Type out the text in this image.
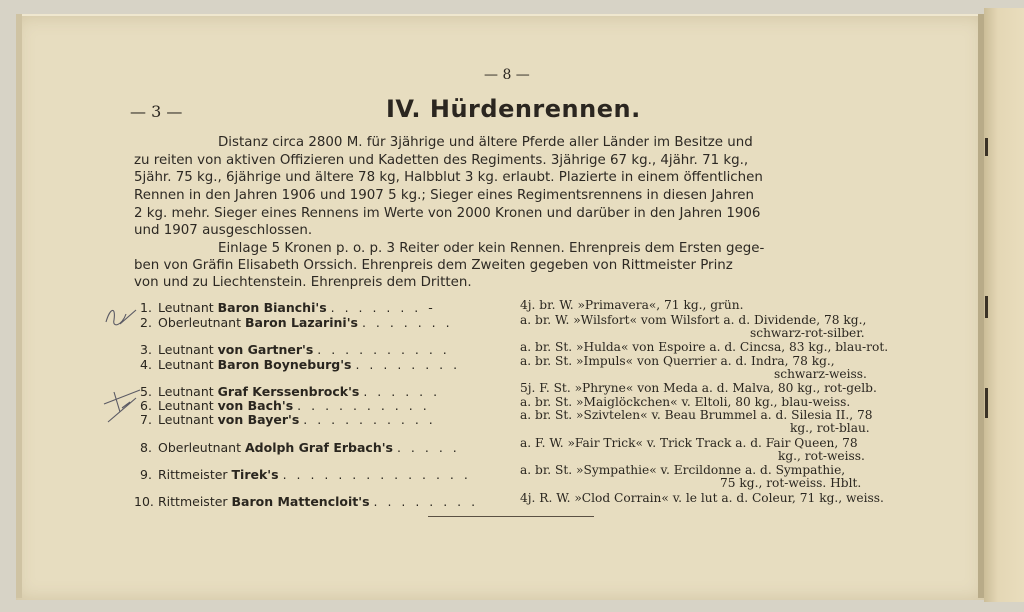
— 8 —
— 3 —	IV. Hürdenrennen.
Distanz circa 2800 M. für 3jährige und ältere Pferde aller Länder im Besitze und
zu reiten von aktiven Offizieren und Kadetten des Regiments. 3jährige 67 kg., 4jähr. 71 kg.,
5jähr. 75 kg., 6jährige und ältere 78 kg, Halbblut 3 kg. erlaubt. Plazierte in einem öffentlichen
Rennen in den Jahren 1906 und 1907 5 kg.; Sieger eines Regimentsrennens in diesen Jahren
2 kg. mehr. Sieger eines Rennens im Werte von 2000 Kronen und darüber in den Jahren 1906
und 1907 ausgeschlossen.
Einlage 5 Kronen p. o. p. 3 Reiter oder kein Rennen. Ehrenpreis dem Ersten gege-
ben von Gräfin Elisabeth Orssich. Ehrenpreis dem Zweiten gegeben von Rittmeister Prinz
von und zu Liechtenstein. Ehrenpreis dem Dritten.
1. Leutnant Baron Bianchi's . . . . . . . -	4j. br. W. »Primavera«, 71 kg., grün.
2. Oberleutnant Baron Lazarini's . . . . . . .	a. br. W. »Wilsfort« vom Wilsfort a. d. Dividende, 78 kg.,
schwarz-rot-silber.
3. Leutnant von Gartner's . . . . . . . . . .	a. br. St. »Hulda« von Espoire a. d. Cincsa, 83 kg., blau-rot.
4. Leutnant Baron Boyneburg's . . . . . . . .	a. br. St. »Impuls« von Querrier a. d. Indra, 78 kg.,
schwarz-weiss.
5. Leutnant Graf Kerssenbrock's . . . . . .	5j. F. St. »Phryne« von Meda a. d. Malva, 80 kg., rot-gelb.
6. Leutnant von Bach's . . . . . . . . . .	a. br. St. »Maiglöckchen« v. Eltoli, 80 kg., blau-weiss.
7. Leutnant von Bayer's . . . . . . . . . .	a. br. St. »Szivtelen« v. Beau Brummel a. d. Silesia II., 78
kg., rot-blau.
8. Oberleutnant Adolph Graf Erbach's . . . . .	a. F. W. »Fair Trick« v. Trick Track a. d. Fair Queen, 78
kg., rot-weiss.
9. Rittmeister Tirek's . . . . . . . . . . . . . .	a. br. St. »Sympathie« v. Ercildonne a. d. Sympathie,
75 kg., rot-weiss. Hblt.
10. Rittmeister Baron Mattencloit's . . . . . . . .	4j. R. W. »Clod Corrain« v. le lut a. d. Coleur, 71 kg., weiss.
